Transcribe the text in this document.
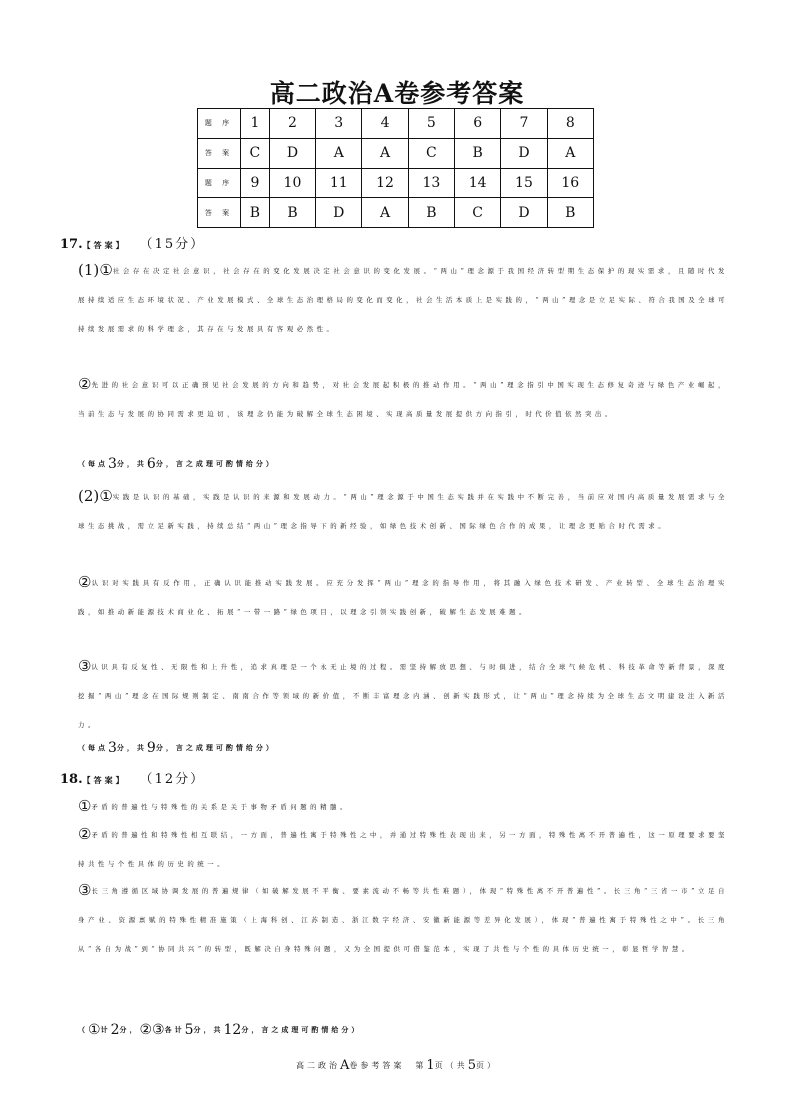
高二政治A卷参考答案
题 序	1	2	3	4	5	6	7	8
答 案	C	D	A	A	C	B	D	A
题 序	9	10	11	12	13	14	15	16
答 案	B	B	D	A	B	C	D	B
17.【答案】 （15分）
(1)①社会存在决定社会意识，社会存在的变化发展决定社会意识的变化发展。“两山”理念源于我国经济转型期生态保护的现实需求，且随时代发展持续适应生态环境状况、产业发展模式、全球生态治理格局的变化而变化，社会生活本质上是实践的，“两山”理念是立足实际、符合我国及全球可持续发展需求的科学理念，其存在与发展具有客观必然性。
②先进的社会意识可以正确预见社会发展的方向和趋势，对社会发展起积极的推动作用。“两山”理念指引中国实现生态修复奇迹与绿色产业崛起，当前生态与发展的协同需求更迫切，该理念仍能为破解全球生态困境、实现高质量发展提供方向指引，时代价值依然突出。
（每点3分，共6分，言之成理可酌情给分）
(2)①实践是认识的基础，实践是认识的来源和发展动力。“两山”理念源于中国生态实践并在实践中不断完善，当前应对国内高质量发展需求与全球生态挑战，需立足新实践，持续总结“两山”理念指导下的新经验，如绿色技术创新、国际绿色合作的成果，让理念更贴合时代需求。
②认识对实践具有反作用，正确认识能推动实践发展。应充分发挥“两山”理念的指导作用，将其融入绿色技术研发、产业转型、全球生态治理实践，如推动新能源技术商业化、拓展“一带一路”绿色项目，以理念引领实践创新，破解生态发展难题。
③认识具有反复性、无限性和上升性，追求真理是一个永无止境的过程。需坚持解放思想、与时俱进，结合全球气候危机、科技革命等新背景，深度挖掘“两山”理念在国际规则制定、南南合作等领域的新价值，不断丰富理念内涵、创新实践形式，让“两山”理念持续为全球生态文明建设注入新活力。
（每点3分，共9分，言之成理可酌情给分）
18.【答案】 （12分）
①矛盾的普遍性与特殊性的关系是关于事物矛盾问题的精髓。
②矛盾的普遍性和特殊性相互联结，一方面，普遍性寓于特殊性之中，并通过特殊性表现出来，另一方面，特殊性离不开普遍性，这一原理要求要坚持共性与个性具体的历史的统一。
③长三角遵循区域协调发展的普遍规律（如破解发展不平衡、要素流动不畅等共性难题），体现“特殊性离不开普遍性”。长三角“三省一市”立足自身产业、资源禀赋的特殊性精准施策（上海科创、江苏制造、浙江数字经济、安徽新能源等差异化发展），体现“普遍性寓于特殊性之中”。长三角从“各自为战”到“协同共兴”的转型，既解决自身特殊问题，又为全国提供可借鉴范本，实现了共性与个性的具体历史统一，彰显哲学智慧。
（①计2分，②③各计5分，共12分，言之成理可酌情给分）
高二政治A卷参考答案　第1页（共5页）
